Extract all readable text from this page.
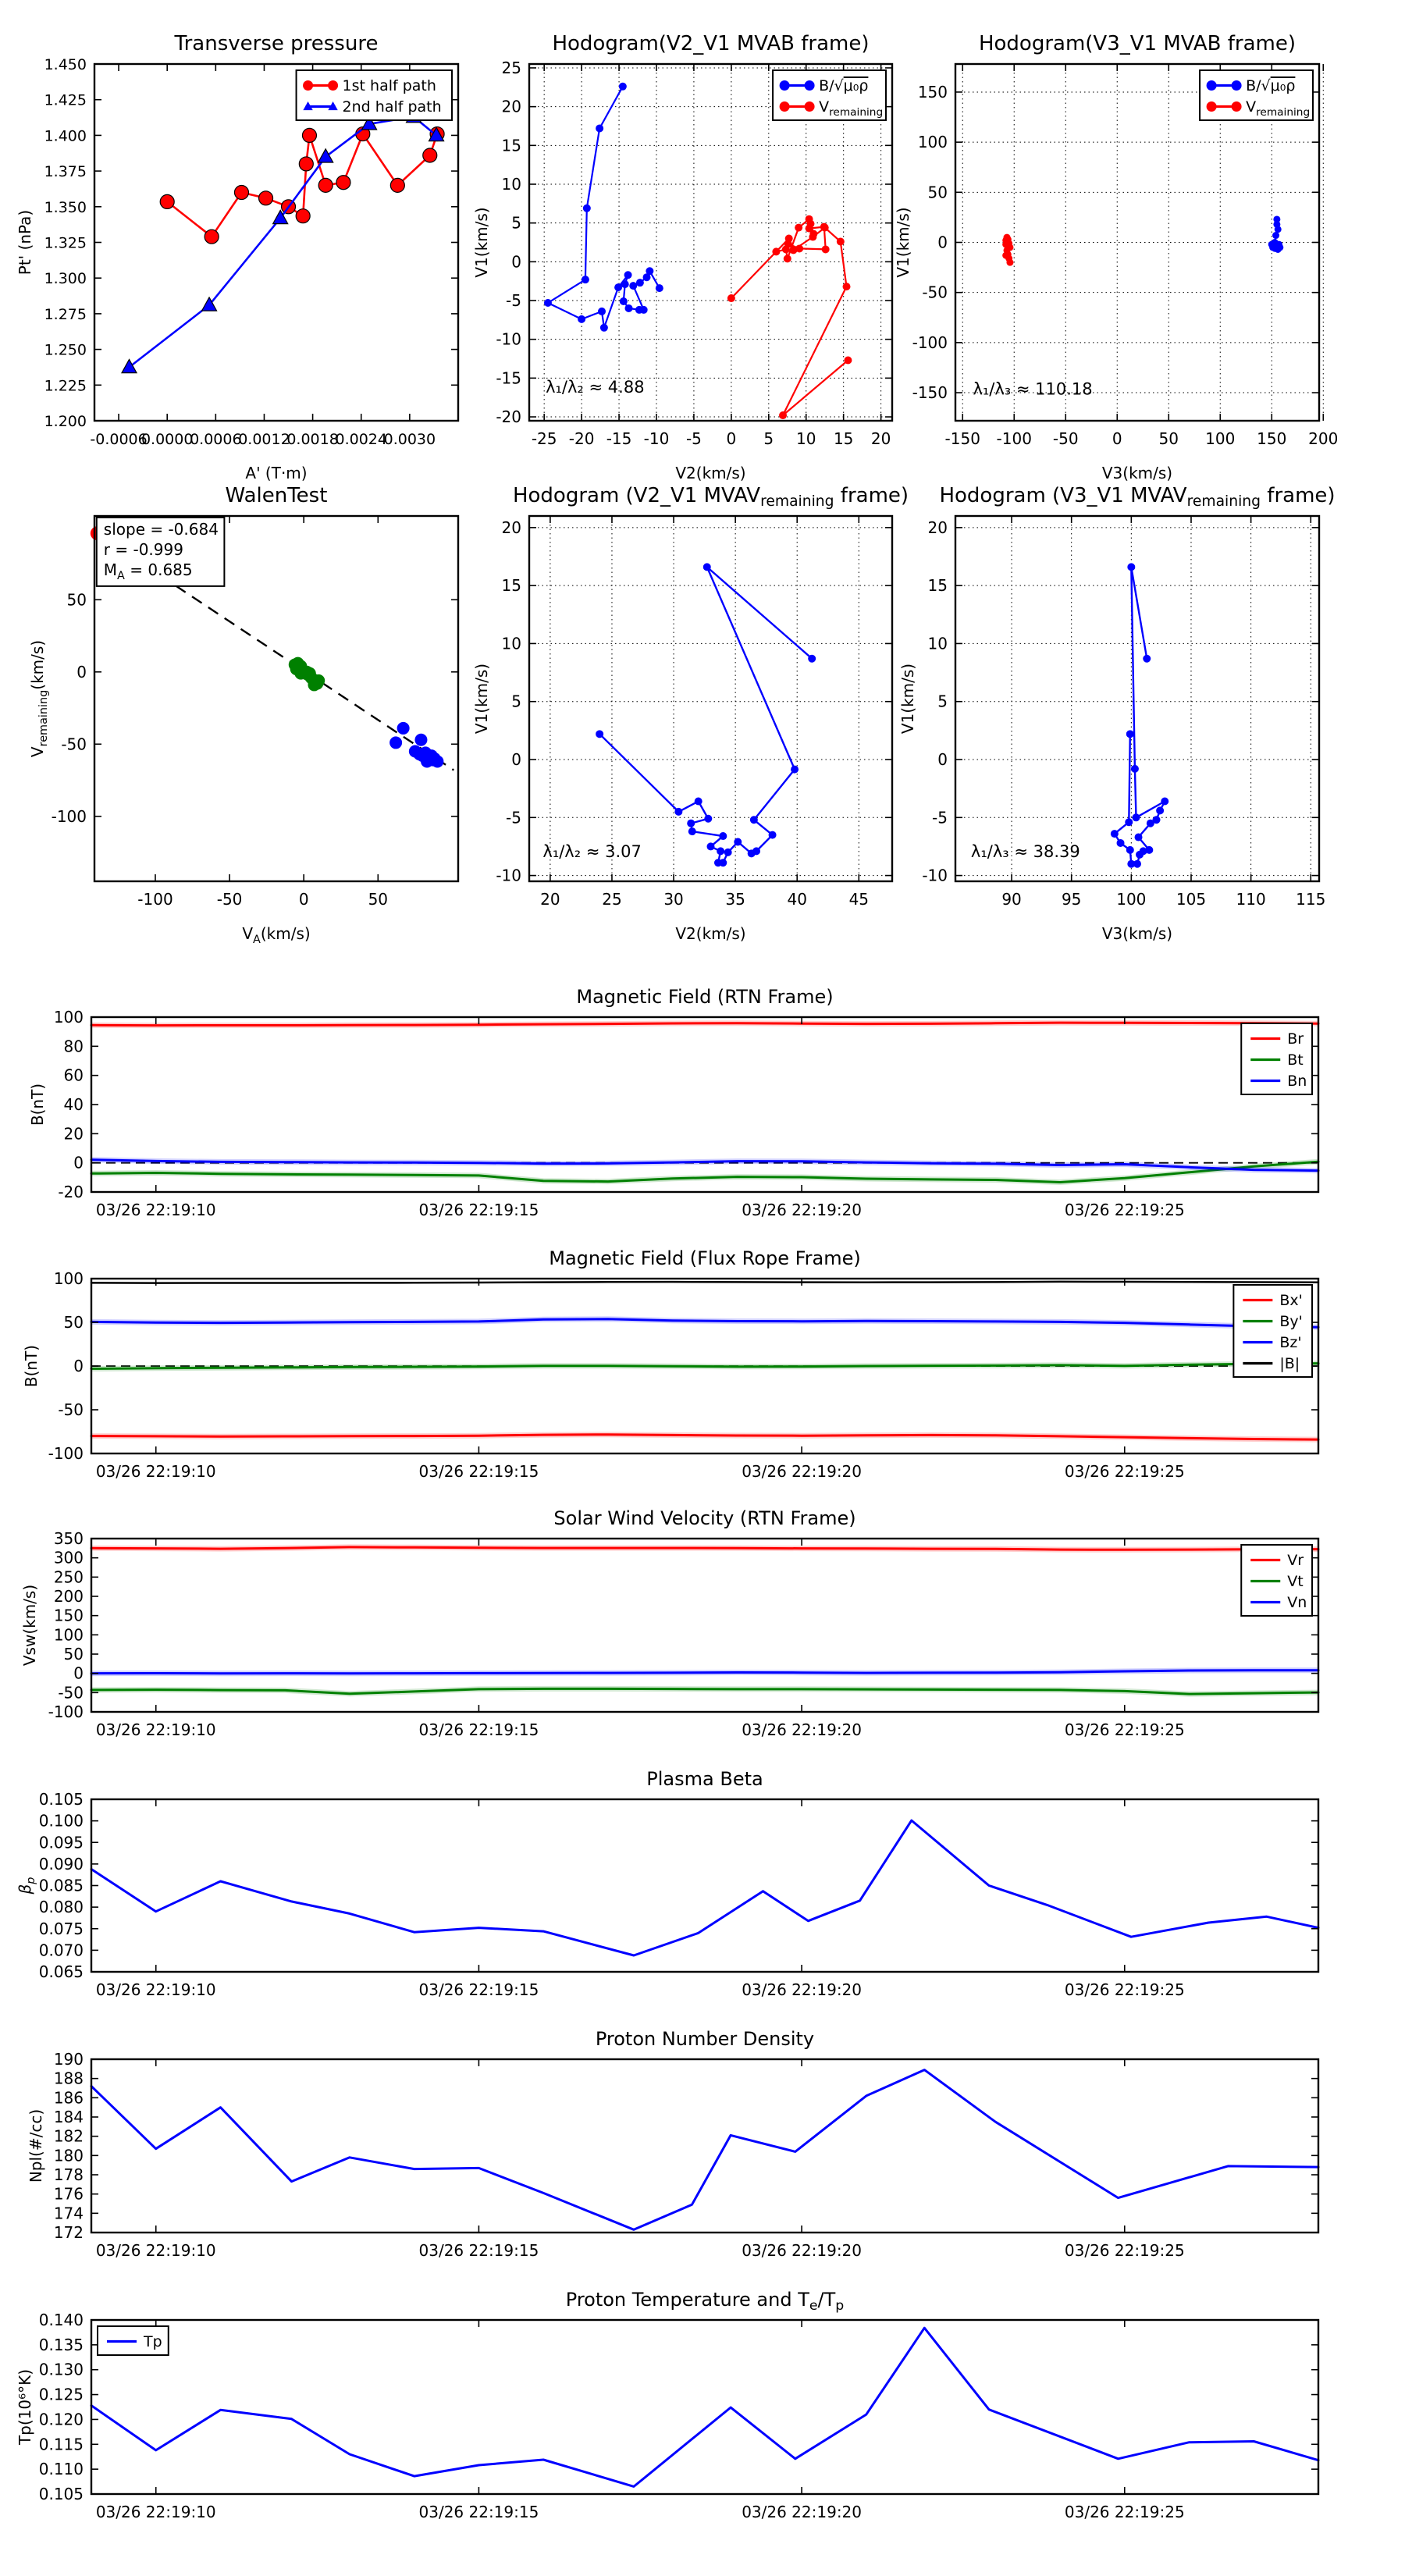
-0.0006
0.0000
0.0006
0.0012
0.0018
0.0024
0.0030
1.200
1.225
1.250
1.275
1.300
1.325
1.350
1.375
1.400
1.425
1.450
Transverse pressure
A' (T·m)
Pt' (nPa)
1st half path
2nd half path
-25 -20 -15 -10 -5 0 5 10 15 20
-20
-15
-10
-5
0
5
10
15
20
25
Hodogram(V2_V1 MVAB frame)
V2(km/s)
V1(km/s)
B/√μ₀ρ
$V_{remaining}$
λ₁/λ₂ ≈ 4.88
-150 -100 -50 0 50 100 150 200
-150
-100
-50
0
50
100
150
Hodogram(V3_V1 MVAB frame)
V3(km/s)
V1(km/s)
B/√μ₀ρ
$V_{remaining}$
λ₁/λ₃ ≈ 110.18
-100	-50	0	50
-100
-50
0
50
WalenTest
$V_A(km/s)$
$V_{remaining}(km/s)$
slope = -0.684
r = -0.999
$M_A = 0.685$
20	25	30	35	40	45
-10
-5
0
5
10
15
20
Hodogram (V2_V1 MVAVremaining frame)
V2(km/s)
V1(km/s)
λ₁/λ₂ ≈ 3.07
90	95 100 105 110 115
-10
-5
0
5
10
15
20
Hodogram (V3_V1 MVAVremaining frame)
V3(km/s)
V1(km/s)
λ₁/λ₃ ≈ 38.39
03/26 22:19:10	03/26 22:19:15	03/26 22:19:20	03/26 22:19:25
-20
0
20
40
60
80
100
Magnetic Field (RTN Frame)
B(nT)
Br
Bt
Bn
03/26 22:19:10	03/26 22:19:15	03/26 22:19:20	03/26 22:19:25
-100
-50
0
50
100
Magnetic Field (Flux Rope Frame)
B(nT)
Bx'
By'
Bz'
|B|
03/26 22:19:10	03/26 22:19:15	03/26 22:19:20	03/26 22:19:25
-100
-50
0
50
100
150
200
250
300
350
Solar Wind Velocity (RTN Frame)
Vsw(km/s)
Vr
Vt
Vn
03/26 22:19:10	03/26 22:19:15	03/26 22:19:20	03/26 22:19:25
0.065
0.070
0.075
0.080
0.085
0.090
0.095
0.100
0.105
Plasma Beta
$\beta_p$
03/26 22:19:10	03/26 22:19:15	03/26 22:19:20	03/26 22:19:25
172
174
176
178
180
182
184
186
188
190
Proton Number Density
Npl(#/cc)
03/26 22:19:10	03/26 22:19:15	03/26 22:19:20	03/26 22:19:25
0.105
0.110
0.115
0.120
0.125
0.130
0.135
0.140
Proton Temperature and $T_e/T_p$
Tp(10⁶°K)
Tp
